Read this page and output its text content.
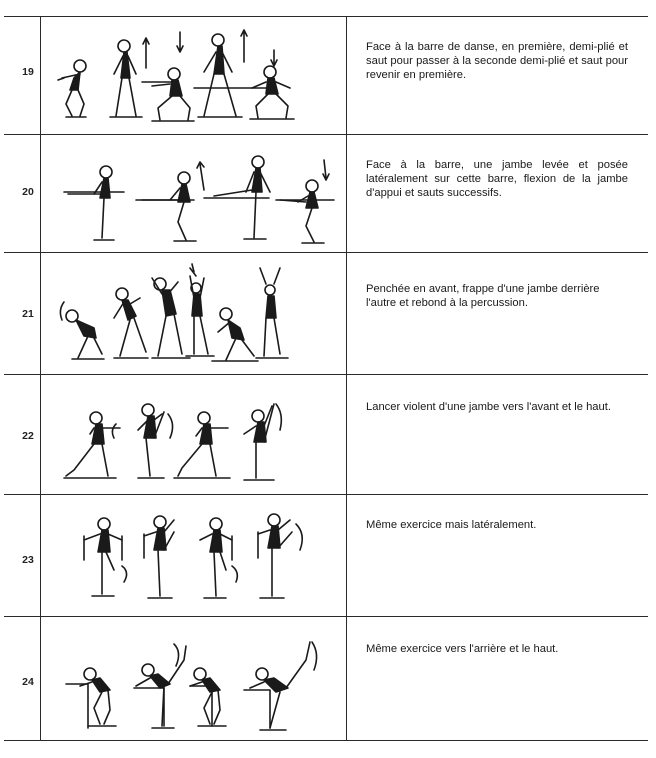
19
Face à la barre de danse, en première, demi-plié et saut pour passer à la seconde demi-plié et saut pour revenir en première.
20
Face à la barre, une jambe levée et posée latéralement sur cette barre, flexion de la jambe d'appui et sauts successifs.
21
Penchée en avant, frappe d'une jambe derrière l'autre et rebond à la percussion.
22
Lancer violent d'une jambe vers l'avant et le haut.
23
Même exercice mais latéralement.
24
Même exercice vers l'arrière et le haut.
